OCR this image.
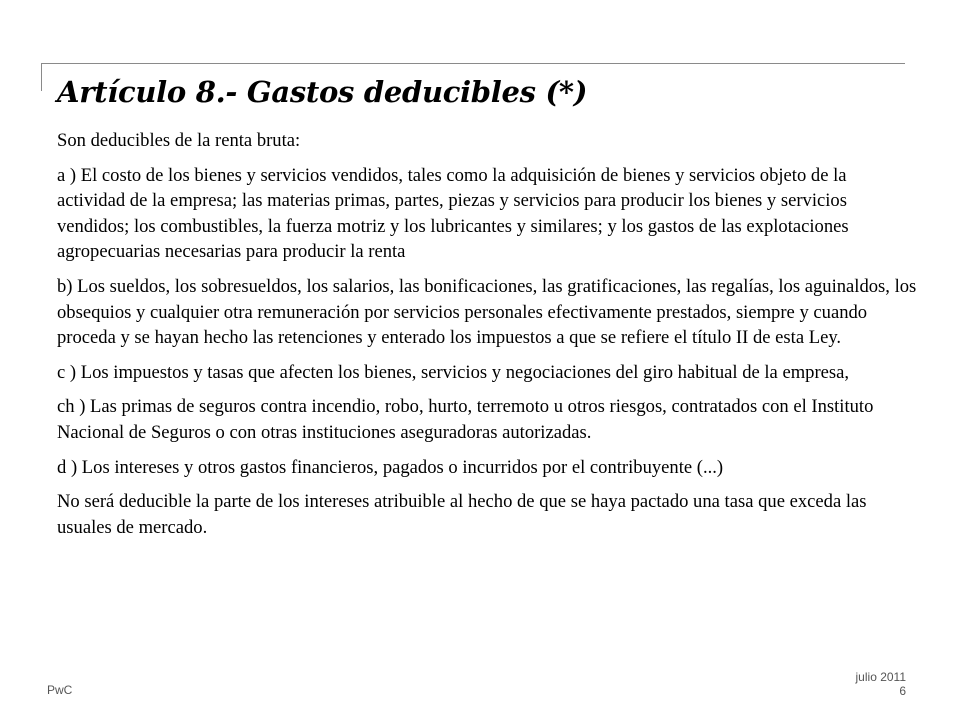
Artículo 8.- Gastos deducibles (*)

Son deducibles de la renta bruta:

a ) El costo de los bienes y servicios vendidos, tales como la adquisición de bienes y servicios objeto de la actividad de la empresa; las materias primas, partes, piezas y servicios para producir los bienes y servicios vendidos; los combustibles, la fuerza motriz y los lubricantes y similares; y los gastos de las explotaciones agropecuarias necesarias para producir la renta

b) Los sueldos, los sobresueldos, los salarios, las bonificaciones, las gratificaciones, las regalías, los aguinaldos, los obsequios y cualquier otra remuneración por servicios personales efectivamente prestados, siempre y cuando proceda y se hayan hecho las retenciones y enterado los impuestos a que se refiere el título II de esta Ley.

c ) Los impuestos y tasas que afecten los bienes, servicios y negociaciones del giro habitual de la empresa,

ch ) Las primas de seguros contra incendio, robo, hurto, terremoto u otros riesgos, contratados con el Instituto Nacional de Seguros o con otras instituciones aseguradoras autorizadas.

d ) Los intereses y otros gastos financieros, pagados o incurridos por el contribuyente (...)

No será deducible la parte de los intereses atribuible al hecho de que se haya pactado una tasa que exceda las usuales de mercado.

PwC
julio 2011
6
